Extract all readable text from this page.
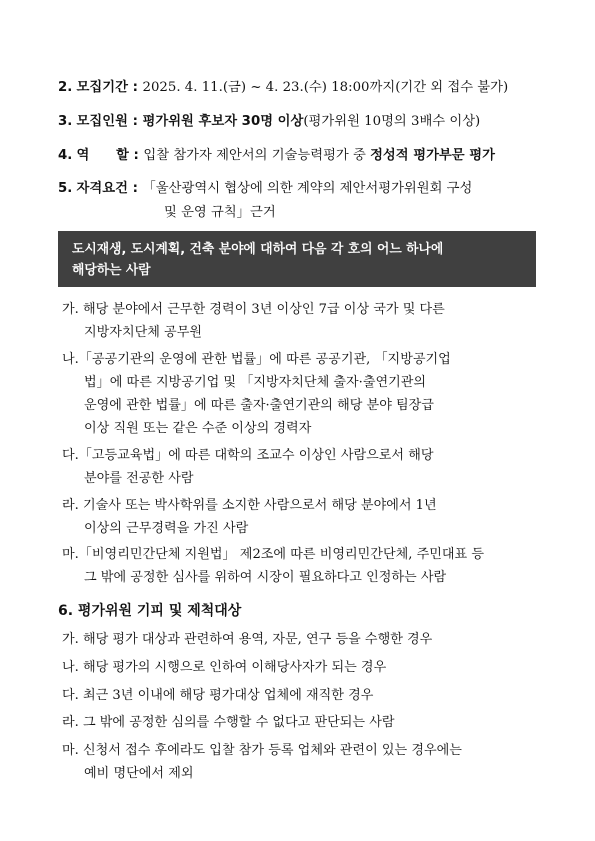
2. 모집기간 : 2025. 4. 11.(금) ~ 4. 23.(수) 18:00까지(기간 외 접수 불가)
3. 모집인원 : 평가위원 후보자 30명 이상(평가위원 10명의 3배수 이상)
4. 역　　할 : 입찰 참가자 제안서의 기술능력평가 중 정성적 평가부문 평가
5. 자격요건 : 「울산광역시 협상에 의한 계약의 제안서평가위원회 구성
및 운영 규칙」근거
도시재생, 도시계획, 건축 분야에 대하여 다음 각 호의 어느 하나에
해당하는 사람
가. 해당 분야에서 근무한 경력이 3년 이상인 7급 이상 국가 및 다른
지방자치단체 공무원
나.「공공기관의 운영에 관한 법률」에 따른 공공기관, 「지방공기업
법」에 따른 지방공기업 및 「지방자치단체 출자·출연기관의
운영에 관한 법률」에 따른 출자·출연기관의 해당 분야 팀장급
이상 직원 또는 같은 수준 이상의 경력자
다.「고등교육법」에 따른 대학의 조교수 이상인 사람으로서 해당
분야를 전공한 사람
라. 기술사 또는 박사학위를 소지한 사람으로서 해당 분야에서 1년
이상의 근무경력을 가진 사람
마.「비영리민간단체 지원법」 제2조에 따른 비영리민간단체, 주민대표 등
그 밖에 공정한 심사를 위하여 시장이 필요하다고 인정하는 사람
6. 평가위원 기피 및 제척대상
가. 해당 평가 대상과 관련하여 용역, 자문, 연구 등을 수행한 경우
나. 해당 평가의 시행으로 인하여 이해당사자가 되는 경우
다. 최근 3년 이내에 해당 평가대상 업체에 재직한 경우
라. 그 밖에 공정한 심의를 수행할 수 없다고 판단되는 사람
마. 신청서 접수 후에라도 입찰 참가 등록 업체와 관련이 있는 경우에는
예비 명단에서 제외
